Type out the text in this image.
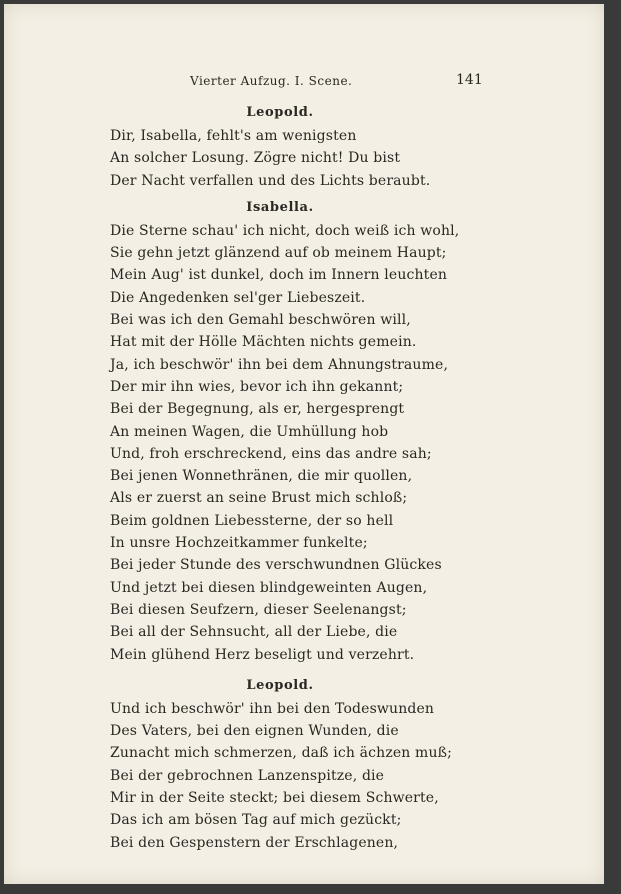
Vierter Aufzug. I. Scene.	141
Leopold.
Dir, Isabella, fehlt's am wenigsten
An solcher Losung. Zögre nicht! Du bist
Der Nacht verfallen und des Lichts beraubt.
Isabella.
Die Sterne schau' ich nicht, doch weiß ich wohl,
Sie gehn jetzt glänzend auf ob meinem Haupt;
Mein Aug' ist dunkel, doch im Innern leuchten
Die Angedenken sel'ger Liebeszeit.
Bei was ich den Gemahl beschwören will,
Hat mit der Hölle Mächten nichts gemein.
Ja, ich beschwör' ihn bei dem Ahnungstraume,
Der mir ihn wies, bevor ich ihn gekannt;
Bei der Begegnung, als er, hergesprengt
An meinen Wagen, die Umhüllung hob
Und, froh erschreckend, eins das andre sah;
Bei jenen Wonnethränen, die mir quollen,
Als er zuerst an seine Brust mich schloß;
Beim goldnen Liebessterne, der so hell
In unsre Hochzeitkammer funkelte;
Bei jeder Stunde des verschwundnen Glückes
Und jetzt bei diesen blindgeweinten Augen,
Bei diesen Seufzern, dieser Seelenangst;
Bei all der Sehnsucht, all der Liebe, die
Mein glühend Herz beseligt und verzehrt.
Leopold.
Und ich beschwör' ihn bei den Todeswunden
Des Vaters, bei den eignen Wunden, die
Zunacht mich schmerzen, daß ich ächzen muß;
Bei der gebrochnen Lanzenspitze, die
Mir in der Seite steckt; bei diesem Schwerte,
Das ich am bösen Tag auf mich gezückt;
Bei den Gespenstern der Erschlagenen,
